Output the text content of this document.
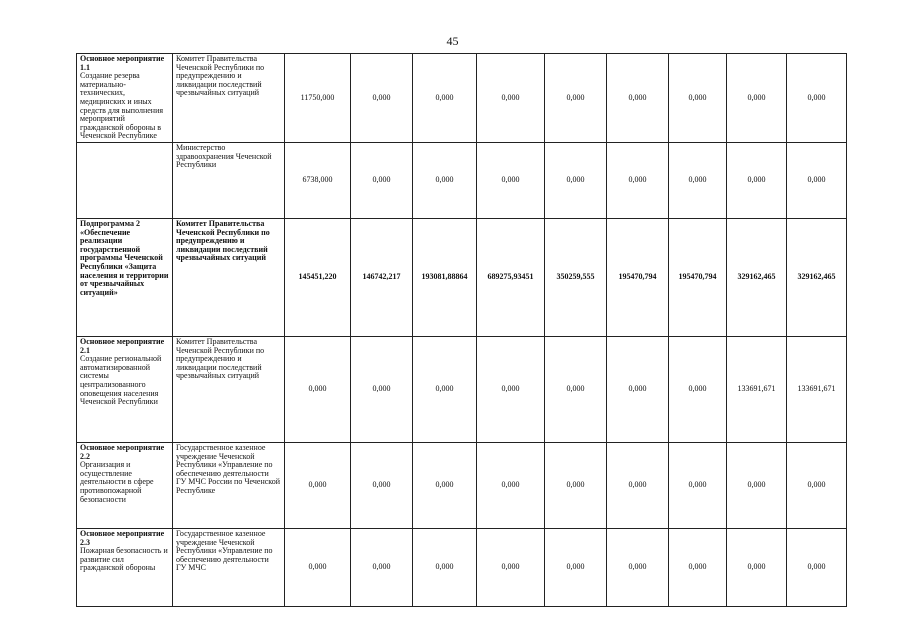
45
Основное мероприятие 1.1
Создание резерва материально-технических, медицинских и иных средств для выполнения мероприятий гражданской обороны в Чеченской Республике	Комитет Правительства Чеченской Республики по предупреждению и ликвидации последствий чрезвычайных ситуаций	11750,000	0,000	0,000	0,000	0,000	0,000	0,000	0,000	0,000

	Министерство здравоохранения Чеченской Республики	6738,000	0,000	0,000	0,000	0,000	0,000	0,000	0,000	0,000

Подпрограмма 2 «Обеспечение реализации государственной программы Чеченской Республики «Защита населения и территории от чрезвычайных ситуаций»	Комитет Правительства Чеченской Республики по предупреждению и ликвидации последствий чрезвычайных ситуаций	145451,220	146742,217	193081,88864	689275,93451	350259,555	195470,794	195470,794	329162,465	329162,465

Основное мероприятие 2.1
Создание региональной автоматизированной системы централизованного оповещения населения Чеченской Республики	Комитет Правительства Чеченской Республики по предупреждению и ликвидации последствий чрезвычайных ситуаций	0,000	0,000	0,000	0,000	0,000	0,000	0,000	133691,671	133691,671

Основное мероприятие 2.2
Организация и осуществление деятельности в сфере противопожарной безопасности	Государственное казенное учреждение Чеченской Республики «Управление по обеспечению деятельности ГУ МЧС России по Чеченской Республике	0,000	0,000	0,000	0,000	0,000	0,000	0,000	0,000	0,000

Основное мероприятие 2.3
Пожарная безопасность и развитие сил гражданской обороны	Государственное казенное учреждение Чеченской Республики «Управление по обеспечению деятельности ГУ МЧС	0,000	0,000	0,000	0,000	0,000	0,000	0,000	0,000	0,000
